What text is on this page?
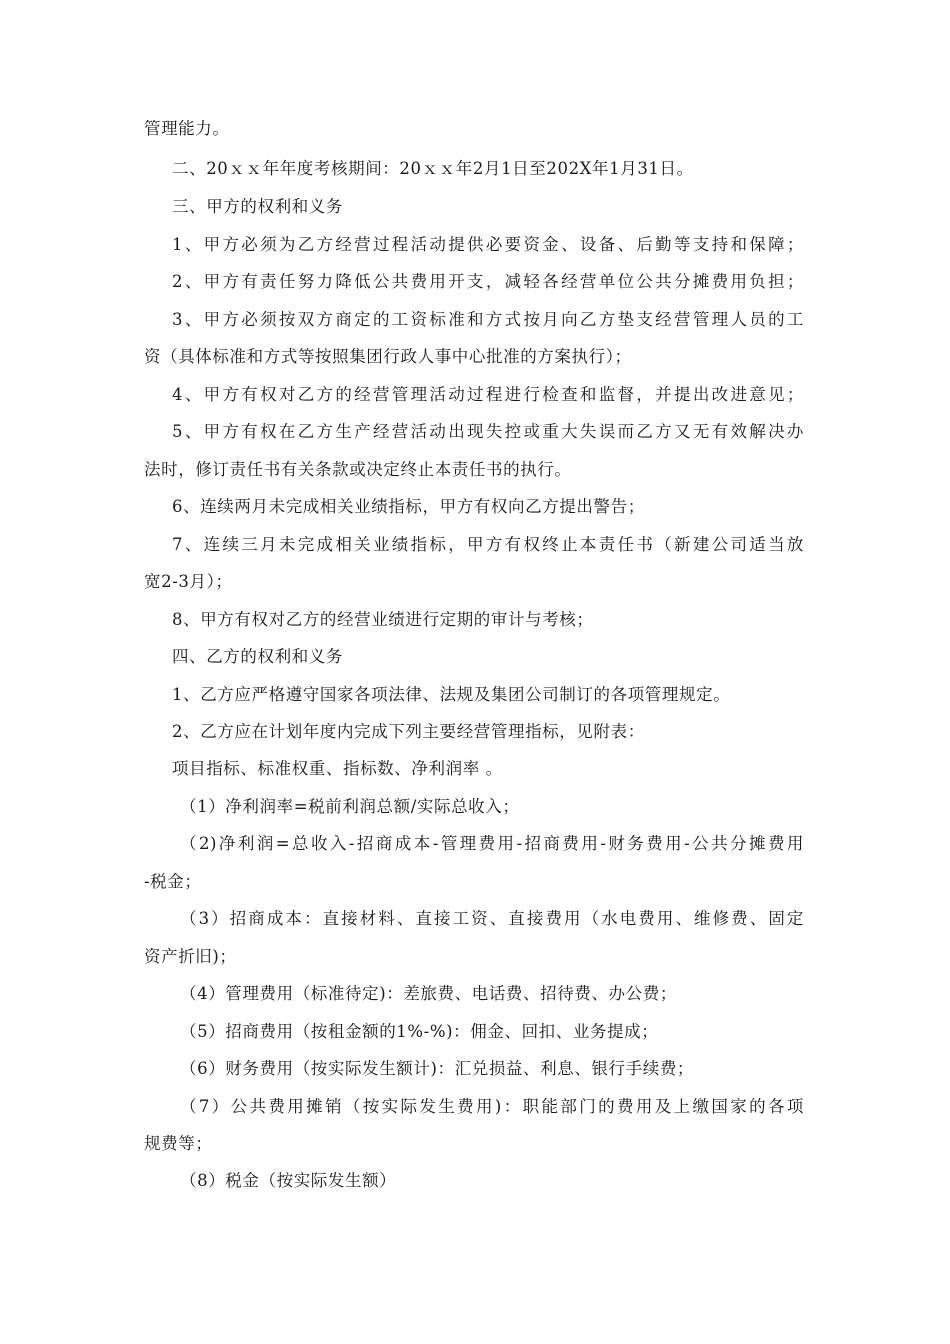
管理能力。
二、20ｘｘ年年度考核期间：20ｘｘ年2月1日至202X年1月31日。
三、甲方的权利和义务
1、甲方必须为乙方经营过程活动提供必要资金、设备、后勤等支持和保障；
2、甲方有责任努力降低公共费用开支，减轻各经营单位公共分摊费用负担；
3、甲方必须按双方商定的工资标准和方式按月向乙方垫支经营管理人员的工
资（具体标准和方式等按照集团行政人事中心批准的方案执行）；
4、甲方有权对乙方的经营管理活动过程进行检查和监督，并提出改进意见；
5、甲方有权在乙方生产经营活动出现失控或重大失误而乙方又无有效解决办
法时，修订责任书有关条款或决定终止本责任书的执行。
6、连续两月未完成相关业绩指标，甲方有权向乙方提出警告；
7、连续三月未完成相关业绩指标，甲方有权终止本责任书（新建公司适当放
宽2-3月）；
8、甲方有权对乙方的经营业绩进行定期的审计与考核；
四、乙方的权利和义务
1、乙方应严格遵守国家各项法律、法规及集团公司制订的各项管理规定。
2、乙方应在计划年度内完成下列主要经营管理指标，见附表：
项目指标、标准权重、指标数、净利润率 。
（1）净利润率=税前利润总额/实际总收入；
（2)净利润=总收入-招商成本-管理费用-招商费用-财务费用-公共分摊费用
-税金；
（3）招商成本：直接材料、直接工资、直接费用（水电费用、维修费、固定
资产折旧)；
（4）管理费用（标准待定)：差旅费、电话费、招待费、办公费；
（5）招商费用（按租金额的1%-%)：佣金、回扣、业务提成；
（6）财务费用（按实际发生额计)：汇兑损益、利息、银行手续费；
（7）公共费用摊销（按实际发生费用)：职能部门的费用及上缴国家的各项
规费等；
（8）税金（按实际发生额）
